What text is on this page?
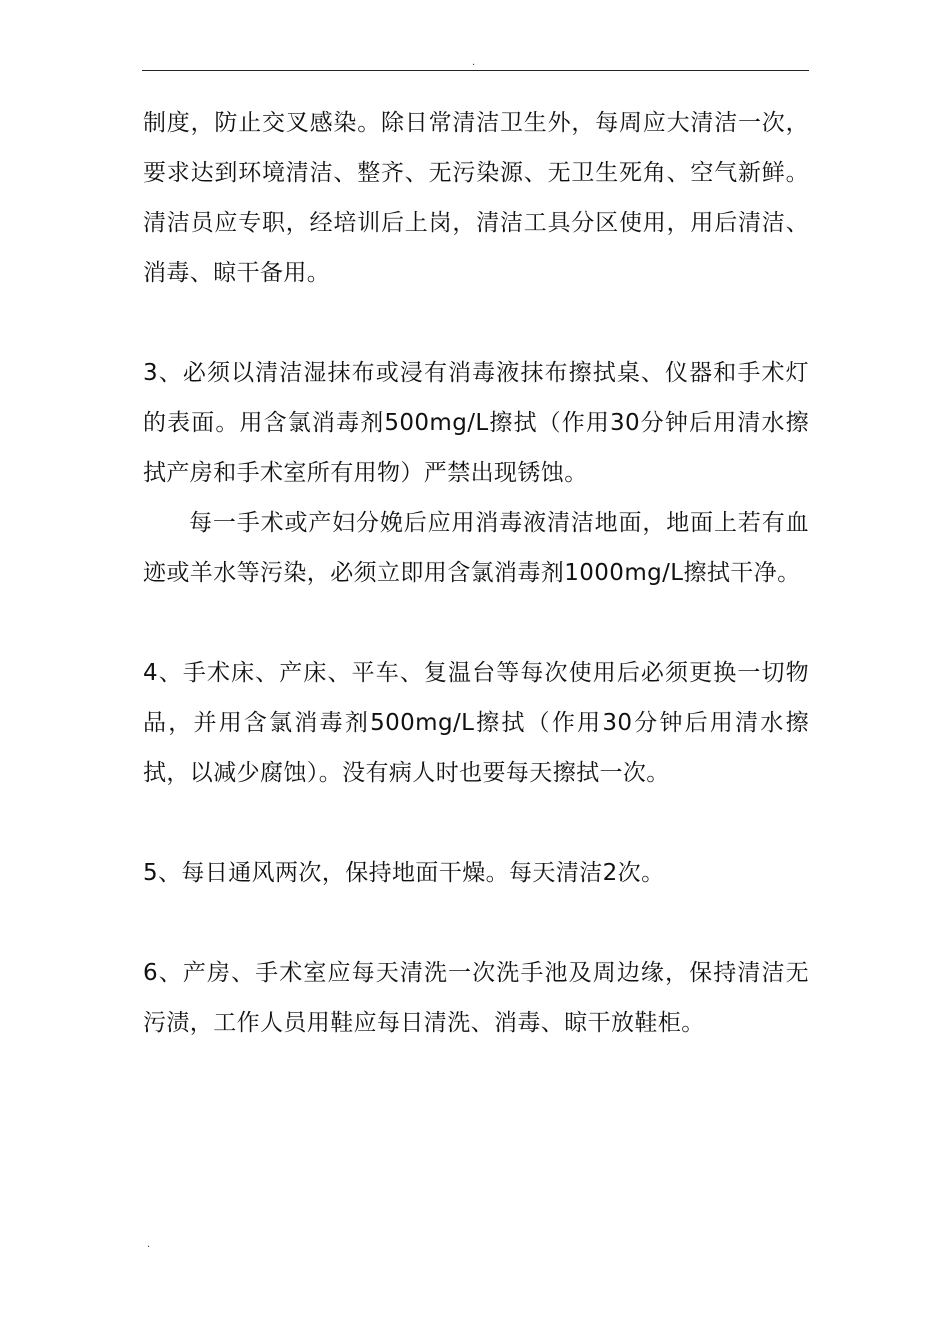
.

制度，防止交叉感染。除日常清洁卫生外，每周应大清洁一次，要求达到环境清洁、整齐、无污染源、无卫生死角、空气新鲜。清洁员应专职，经培训后上岗，清洁工具分区使用，用后清洁、消毒、晾干备用。

3、必须以清洁湿抹布或浸有消毒液抹布擦拭桌、仪器和手术灯的表面。用含氯消毒剂500mg/L擦拭（作用30分钟后用清水擦拭产房和手术室所有用物）严禁出现锈蚀。

每一手术或产妇分娩后应用消毒液清洁地面，地面上若有血迹或羊水等污染，必须立即用含氯消毒剂1000mg/L擦拭干净。

4、手术床、产床、平车、复温台等每次使用后必须更换一切物品，并用含氯消毒剂500mg/L擦拭（作用30分钟后用清水擦拭，以减少腐蚀）。没有病人时也要每天擦拭一次。

5、每日通风两次，保持地面干燥。每天清洁2次。

6、产房、手术室应每天清洗一次洗手池及周边缘，保持清洁无污渍，工作人员用鞋应每日清洗、消毒、晾干放鞋柜。

.
